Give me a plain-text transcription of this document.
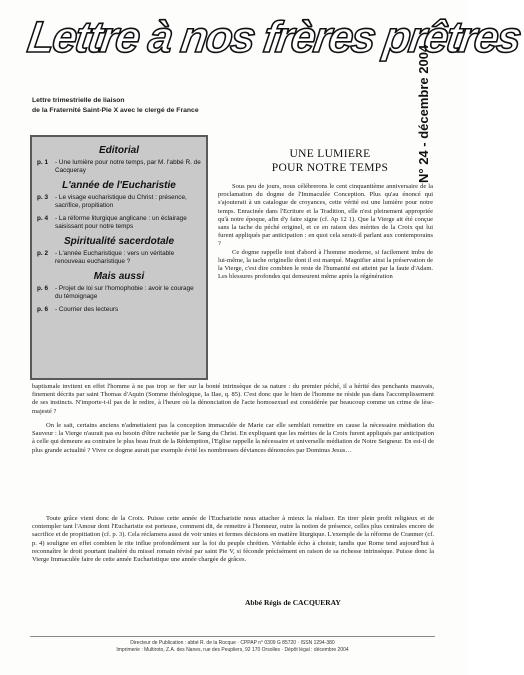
Lettre à nos frères prêtres
Lettre trimestrielle de liaison
de la Fraternité Saint-Pie X avec le clergé de France	N° 24 - décembre 2004
Editorial
p. 1	- Une lumière pour notre temps, par M. l'abbé R. de Cacqueray
L'année de l'Eucharistie
p. 3	- Le visage eucharistique du Christ : présence, sacrifice, propitiation
p. 4	- La réforme liturgique anglicane : un éclairage saisissant pour notre temps
Spiritualité sacerdotale
p. 2	- L'année Eucharistique : vers un véritable renouveau eucharistique ?
Mais aussi
p. 6	- Projet de loi sur l'homophobie : avoir le courage du témoignage
p. 6	- Courrier des lecteurs
UNE LUMIERE
POUR NOTRE TEMPS

Sous peu de jours, nous célébrerons le cent cinquantième anniversaire de la proclamation du dogme de l'Immaculée Conception. Plus qu'au énoncé qui s'ajouterait à un catalogue de croyances, cette vérité est une lumière pour notre temps. Enracinée dans l'Ecriture et la Tradition, elle n'est pleinement appropriée qu'à notre époque, afin d'y faire signe (cf. Ap 12 1). Que la Vierge ait été conçue sans la tache du péché originel, et ce en raison des mérites de la Croix qui lui furent appliqués par anticipation : en quoi cela serait-il parlant aux contemporains ?

Ce dogme rappelle tout d'abord à l'homme moderne, si facilement imbu de lui-même, la tache originelle dont il est marqué. Magnifier ainsi la préservation de la Vierge, c'est dire combien le reste de l'humanité est atteint par la faute d'Adam. Les blessures profondes qui demeurent même après la régénération

baptismale invitent en effet l'homme à ne pas trop se fier sur la bonté intrinsèque de sa nature : du premier péché, il a hérité des penchants mauvais, finement décrits par saint Thomas d'Aquin (Somme théologique, Ia IIae, q. 85). C'est donc que le bien de l'homme ne réside pas dans l'accomplissement de ses instincts. N'importe-t-il pas de le redire, à l'heure où la dénonciation de l'acte homosexuel est considérée par beaucoup comme un crime de lèse-majesté ?

On le sait, certains anciens n'admettaient pas la conception immaculée de Marie car elle semblait remettre en cause la nécessaire médiation du Sauveur : la Vierge n'aurait pas eu besoin d'être rachetée par le Sang du Christ. En expliquant que les mérites de la Croix furent appliqués par anticipation à celle qui demeure au contraire le plus beau fruit de la Rédemption, l'Eglise rappelle la nécessaire et universelle médiation de Notre Seigneur. En est-il de plus grande actualité ? Vivre ce dogme aurait par exemple évité les nombreuses déviances dénoncées par Dominus Jesus…

Toute grâce vient donc de la Croix. Puisse cette année de l'Eucharistie nous attacher à mieux la réaliser. En tirer plein profit religieux et de contempler tant l'Amour dont l'Eucharistie est porteuse, comment dit, de remettre à l'honneur, outre la notion de présence, celles plus centrales encore de sacrifice et de propitiation (cf. p. 3). Cela réclamera aussi de voir unies et fermes décisions en matière liturgique. L'exemple de la réforme de Cranmer (cf. p. 4) souligne en effet combien le rite influe profondément sur la foi du peuple chrétien. Véritable écho à choisir, tandis que Rome tend aujourd'hui à reconnaître le droit pourtant inaltéré du missel romain révisé par saint Pie V, si féconde précisément en raison de sa richesse intrinsèque. Puisse donc la Vierge Immaculée faire de cette année Eucharistique une année chargée de grâces.

Abbé Régis de CACQUERAY
Directeur de Publication : abbé R. de la Rocque · CPPAP n° 0309 G 85720 · ISSN 1294-380
Imprimerie : Multiroto, Z.A. des Nanes, rue des Peupliers, 92 170 Orsolles · Dépôt légal : décembre 2004
